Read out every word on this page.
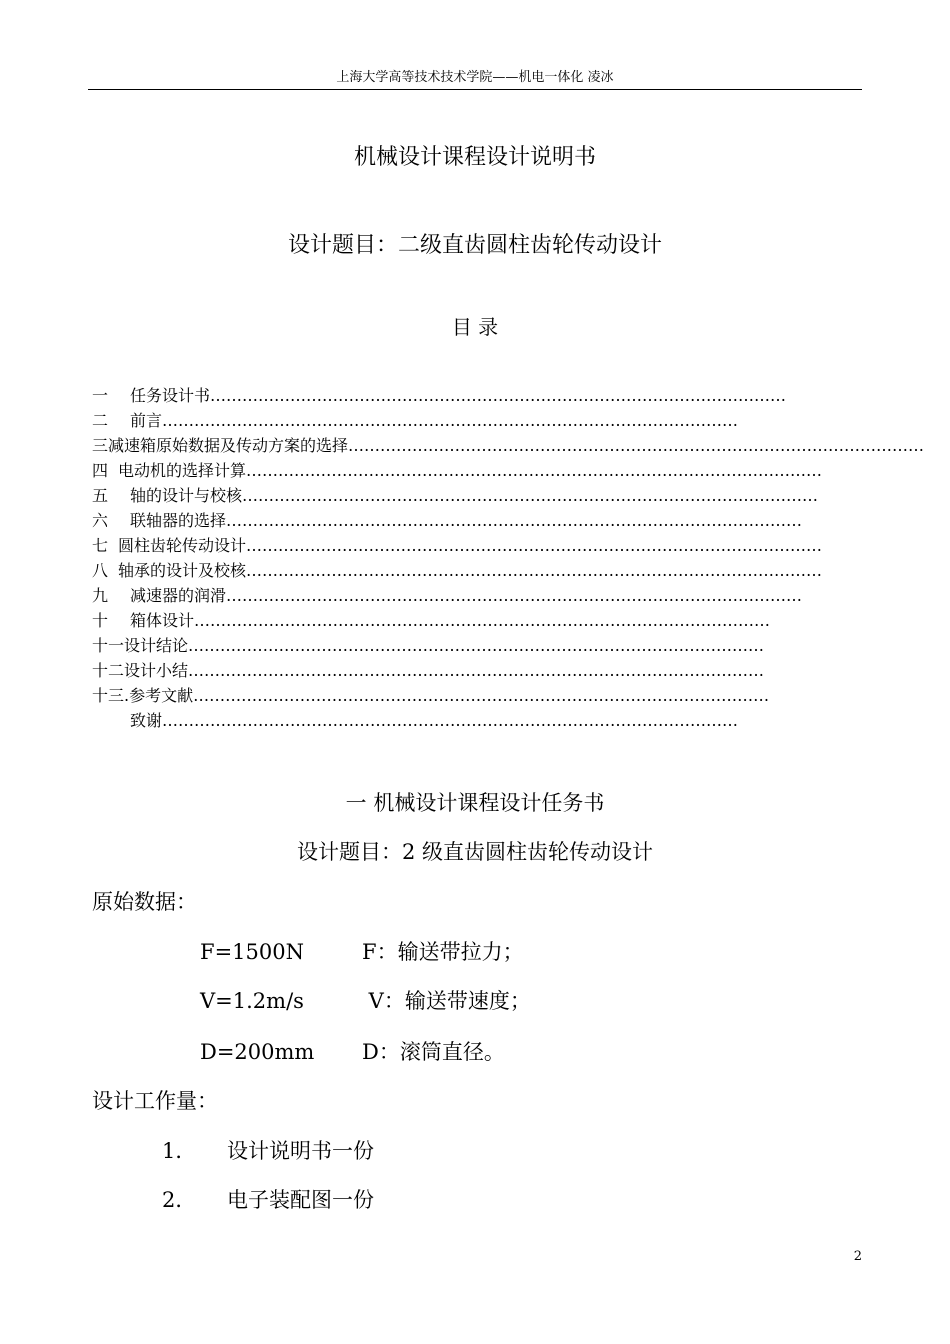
上海大学高等技术技术学院——机电一体化 凌冰
机械设计课程设计说明书
设计题目：二级直齿圆柱齿轮传动设计
目 录
一	任务设计书 ………………………………………………………………………………………………
二	前言 ………………………………………………………………………………………………
三 减速箱原始数据及传动方案的选择 ………………………………………………………………………………………………
四 电动机的选择计算 ………………………………………………………………………………………………
五	轴的设计与校核 ………………………………………………………………………………………………
六	联轴器的选择 ………………………………………………………………………………………………
七 圆柱齿轮传动设计 ………………………………………………………………………………………………
八 轴承的设计及校核 ………………………………………………………………………………………………
九	减速器的润滑 ………………………………………………………………………………………………
十	箱体设计 ………………………………………………………………………………………………
十一 设计结论 ………………………………………………………………………………………………
十二 设计小结 ………………………………………………………………………………………………
十三. 参考文献 ………………………………………………………………………………………………
致谢 ………………………………………………………………………………………………
一 机械设计课程设计任务书
设计题目：2 级直齿圆柱齿轮传动设计
原始数据：
F=1500N	F：输送带拉力；
V=1.2m/s	V：输送带速度；
D=200mm D：滚筒直径。
设计工作量：
1． 设计说明书一份
2． 电子装配图一份
2
